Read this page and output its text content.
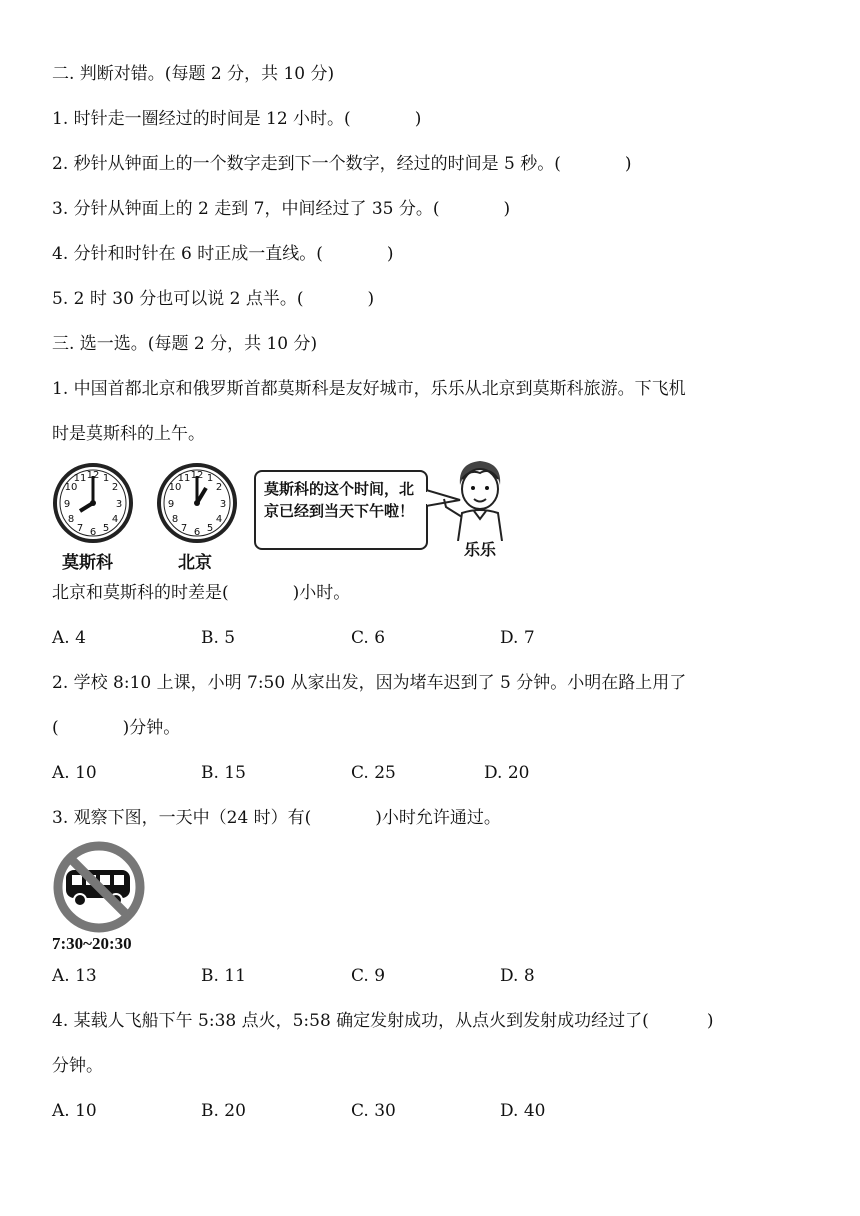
二. 判断对错。(每题 2 分，共 10 分)
1. 时针走一圈经过的时间是 12 小时。(	)
2. 秒针从钟面上的一个数字走到下一个数字，经过的时间是 5 秒。(	)
3. 分针从钟面上的 2 走到 7，中间经过了 35 分。(	)
4. 分针和时针在 6 时正成一直线。(	)
5. 2 时 30 分也可以说 2 点半。(	)
三. 选一选。(每题 2 分，共 10 分)
1. 中国首都北京和俄罗斯首都莫斯科是友好城市，乐乐从北京到莫斯科旅游。下飞机
时是莫斯科的上午。
12 1
2
3
4
5
6
7
8
9
10
11
莫斯科
12 1
2
3
4
5
6
7
8
9
10
11
北京
莫斯科的这个时间，北京已经到当天下午啦！
乐乐
北京和莫斯科的时差是(	)小时。
A. 4	B. 5	C. 6	D. 7
2. 学校 8:10 上课，小明 7:50 从家出发，因为堵车迟到了 5 分钟。小明在路上用了
(	)分钟。
A. 10	B. 15	C. 25	D. 20
3. 观察下图，一天中（24 时）有(	)小时允许通过。
7:30~20:30
A. 13	B. 11	C. 9	D. 8
4. 某载人飞船下午 5:38 点火，5:58 确定发射成功，从点火到发射成功经过了(	)
分钟。
A. 10	B. 20	C. 30	D. 40
